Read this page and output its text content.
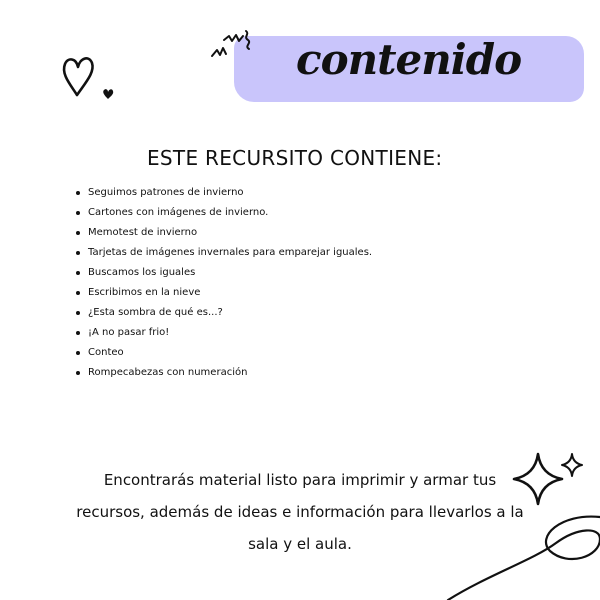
contenido
ESTE RECURSITO CONTIENE:
Seguimos patrones de invierno
Cartones con imágenes de invierno.
Memotest de invierno
Tarjetas de imágenes invernales para emparejar iguales.
Buscamos los iguales
Escribimos en la nieve
¿Esta sombra de qué es...?
¡A no pasar frio!
Conteo
Rompecabezas con numeración
Encontrarás material listo para imprimir y armar tus recursos, además de ideas e información para llevarlos a la sala y el aula.
